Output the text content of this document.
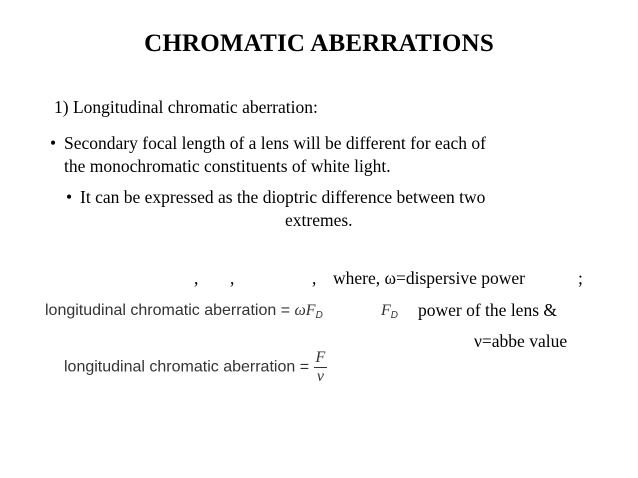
CHROMATIC ABERRATIONS
1) Longitudinal chromatic aberration:
• Secondary focal length of a lens will be different for each of
the monochromatic constituents of white light.
• It can be expressed as the dioptric difference between two
extremes.
, ,	, where, ω=dispersive power	;
longitudinal chromatic aberration = $\omega F_D$	$F_D$ power of the lens &
ν=abbe value
longitudinal chromatic aberration = $\frac{F}{v}$
